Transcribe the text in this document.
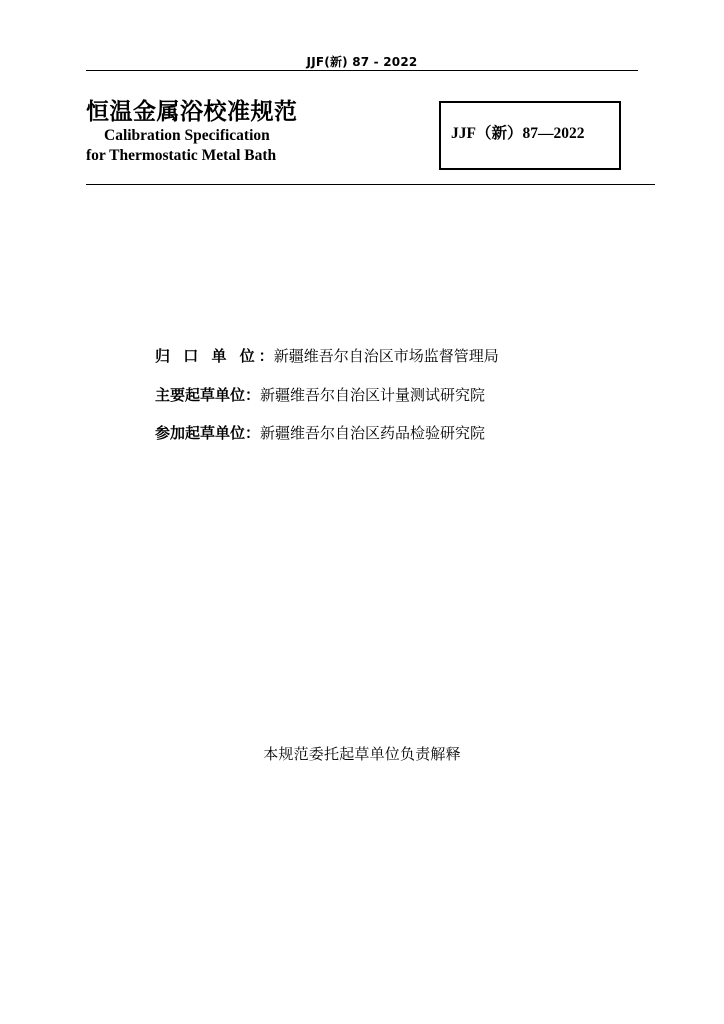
JJF(新) 87 - 2022
恒温金属浴校准规范
Calibration Specification
for Thermostatic Metal Bath
JJF（新）87—2022
归 口 单 位：新疆维吾尔自治区市场监督管理局
主要起草单位：新疆维吾尔自治区计量测试研究院
参加起草单位：新疆维吾尔自治区药品检验研究院
本规范委托起草单位负责解释
